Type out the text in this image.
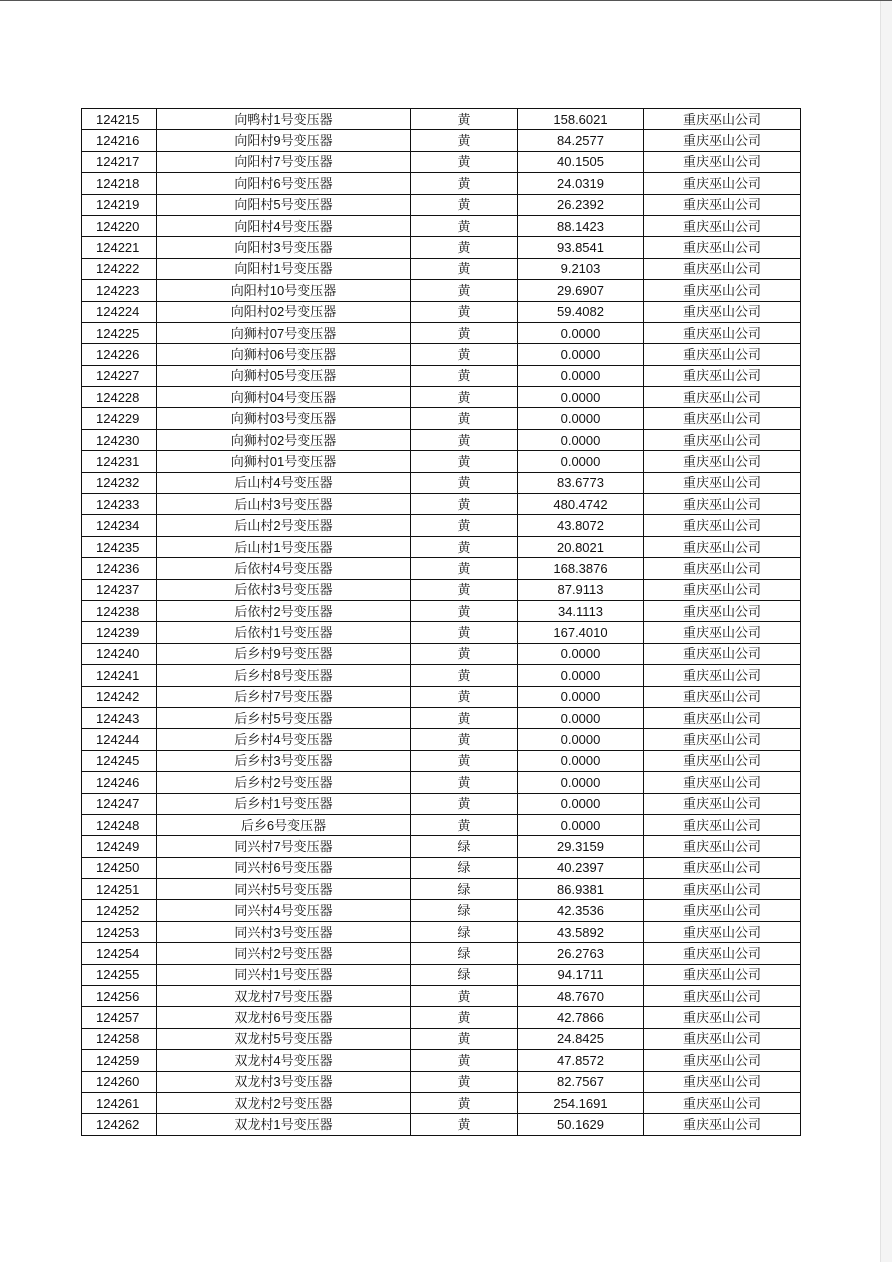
124215	向鸭村1号变压器	黄	158.6021	重庆巫山公司
124216	向阳村9号变压器	黄	84.2577	重庆巫山公司
124217	向阳村7号变压器	黄	40.1505	重庆巫山公司
124218	向阳村6号变压器	黄	24.0319	重庆巫山公司
124219	向阳村5号变压器	黄	26.2392	重庆巫山公司
124220	向阳村4号变压器	黄	88.1423	重庆巫山公司
124221	向阳村3号变压器	黄	93.8541	重庆巫山公司
124222	向阳村1号变压器	黄	9.2103	重庆巫山公司
124223	向阳村10号变压器	黄	29.6907	重庆巫山公司
124224	向阳村02号变压器	黄	59.4082	重庆巫山公司
124225	向狮村07号变压器	黄	0.0000	重庆巫山公司
124226	向狮村06号变压器	黄	0.0000	重庆巫山公司
124227	向狮村05号变压器	黄	0.0000	重庆巫山公司
124228	向狮村04号变压器	黄	0.0000	重庆巫山公司
124229	向狮村03号变压器	黄	0.0000	重庆巫山公司
124230	向狮村02号变压器	黄	0.0000	重庆巫山公司
124231	向狮村01号变压器	黄	0.0000	重庆巫山公司
124232	后山村4号变压器	黄	83.6773	重庆巫山公司
124233	后山村3号变压器	黄	480.4742	重庆巫山公司
124234	后山村2号变压器	黄	43.8072	重庆巫山公司
124235	后山村1号变压器	黄	20.8021	重庆巫山公司
124236	后依村4号变压器	黄	168.3876	重庆巫山公司
124237	后依村3号变压器	黄	87.9113	重庆巫山公司
124238	后依村2号变压器	黄	34.1113	重庆巫山公司
124239	后依村1号变压器	黄	167.4010	重庆巫山公司
124240	后乡村9号变压器	黄	0.0000	重庆巫山公司
124241	后乡村8号变压器	黄	0.0000	重庆巫山公司
124242	后乡村7号变压器	黄	0.0000	重庆巫山公司
124243	后乡村5号变压器	黄	0.0000	重庆巫山公司
124244	后乡村4号变压器	黄	0.0000	重庆巫山公司
124245	后乡村3号变压器	黄	0.0000	重庆巫山公司
124246	后乡村2号变压器	黄	0.0000	重庆巫山公司
124247	后乡村1号变压器	黄	0.0000	重庆巫山公司
124248	后乡6号变压器	黄	0.0000	重庆巫山公司
124249	同兴村7号变压器	绿	29.3159	重庆巫山公司
124250	同兴村6号变压器	绿	40.2397	重庆巫山公司
124251	同兴村5号变压器	绿	86.9381	重庆巫山公司
124252	同兴村4号变压器	绿	42.3536	重庆巫山公司
124253	同兴村3号变压器	绿	43.5892	重庆巫山公司
124254	同兴村2号变压器	绿	26.2763	重庆巫山公司
124255	同兴村1号变压器	绿	94.1711	重庆巫山公司
124256	双龙村7号变压器	黄	48.7670	重庆巫山公司
124257	双龙村6号变压器	黄	42.7866	重庆巫山公司
124258	双龙村5号变压器	黄	24.8425	重庆巫山公司
124259	双龙村4号变压器	黄	47.8572	重庆巫山公司
124260	双龙村3号变压器	黄	82.7567	重庆巫山公司
124261	双龙村2号变压器	黄	254.1691	重庆巫山公司
124262	双龙村1号变压器	黄	50.1629	重庆巫山公司
